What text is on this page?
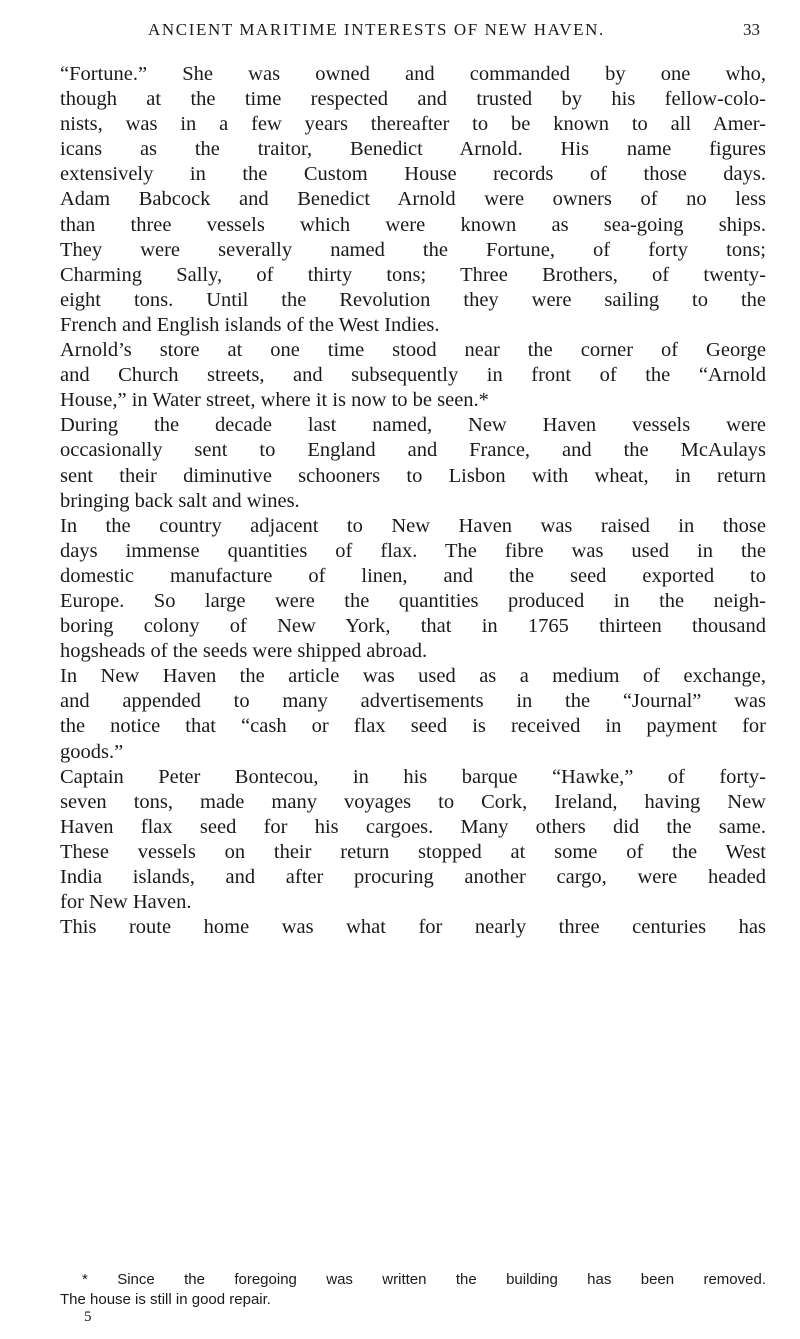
ANCIENT MARITIME INTERESTS OF NEW HAVEN.	33
“Fortune.” She was owned and commanded by one who,
though at the time respected and trusted by his fellow-colo-
nists, was in a few years thereafter to be known to all Amer-
icans as the traitor, Benedict Arnold. His name figures
extensively in the Custom House records of those days.
Adam Babcock and Benedict Arnold were owners of no less
than three vessels which were known as sea-going ships.
They were severally named the Fortune, of forty tons;
Charming Sally, of thirty tons; Three Brothers, of twenty-
eight tons. Until the Revolution they were sailing to the
French and English islands of the West Indies.
Arnold’s store at one time stood near the corner of George
and Church streets, and subsequently in front of the “Arnold
House,” in Water street, where it is now to be seen.*
During the decade last named, New Haven vessels were
occasionally sent to England and France, and the McAulays
sent their diminutive schooners to Lisbon with wheat, in return
bringing back salt and wines.
In the country adjacent to New Haven was raised in those
days immense quantities of flax. The fibre was used in the
domestic manufacture of linen, and the seed exported to
Europe. So large were the quantities produced in the neigh-
boring colony of New York, that in 1765 thirteen thousand
hogsheads of the seeds were shipped abroad.
In New Haven the article was used as a medium of exchange,
and appended to many advertisements in the “Journal” was
the notice that “cash or flax seed is received in payment for
goods.”
Captain Peter Bontecou, in his barque “Hawke,” of forty-
seven tons, made many voyages to Cork, Ireland, having New
Haven flax seed for his cargoes. Many others did the same.
These vessels on their return stopped at some of the West
India islands, and after procuring another cargo, were headed
for New Haven.
This route home was what for nearly three centuries has
* Since the foregoing was written the building has been removed.
The house is still in good repair.
5
